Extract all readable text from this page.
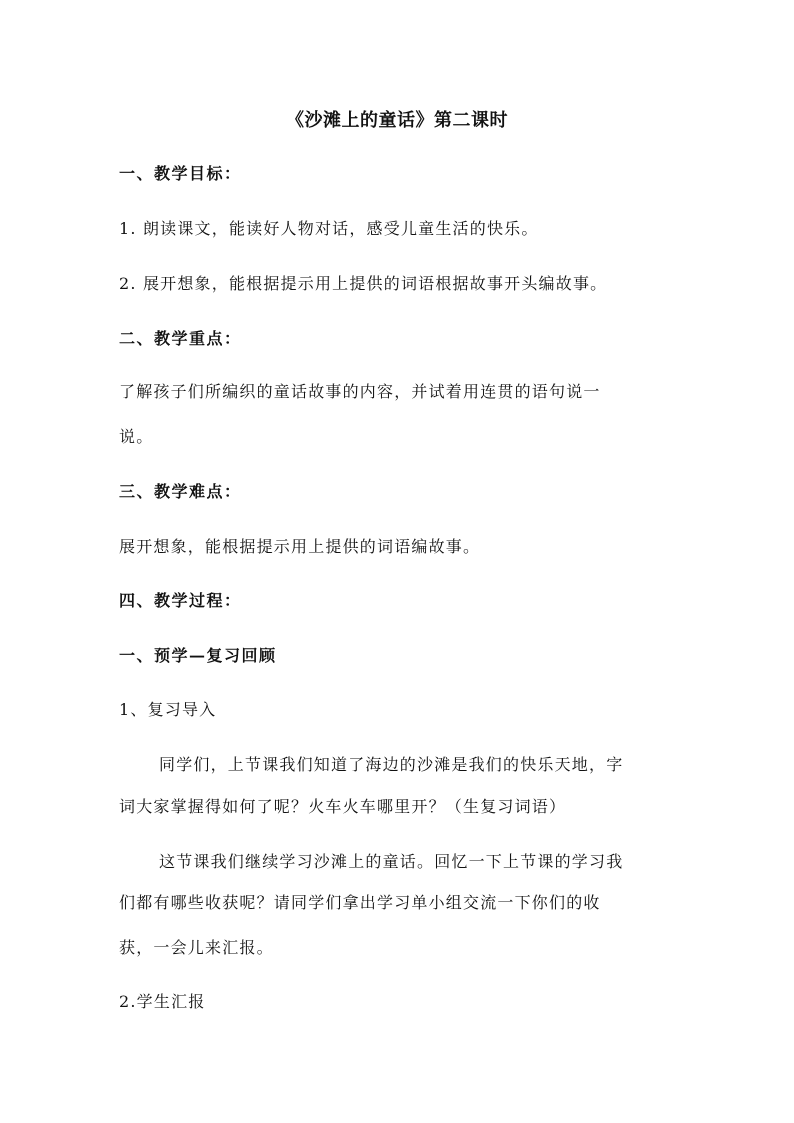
《沙滩上的童话》第二课时
一、教学目标：
1. 朗读课文，能读好人物对话，感受儿童生活的快乐。
2. 展开想象，能根据提示用上提供的词语根据故事开头编故事。
二、教学重点：
了解孩子们所编织的童话故事的内容，并试着用连贯的语句说一
说。
三、教学难点：
展开想象，能根据提示用上提供的词语编故事。
四、教学过程：
一、预学—复习回顾
1、复习导入
同学们，上节课我们知道了海边的沙滩是我们的快乐天地，字
词大家掌握得如何了呢？火车火车哪里开？（生复习词语）
这节课我们继续学习沙滩上的童话。回忆一下上节课的学习我
们都有哪些收获呢？请同学们拿出学习单小组交流一下你们的收
获，一会儿来汇报。
2.学生汇报
